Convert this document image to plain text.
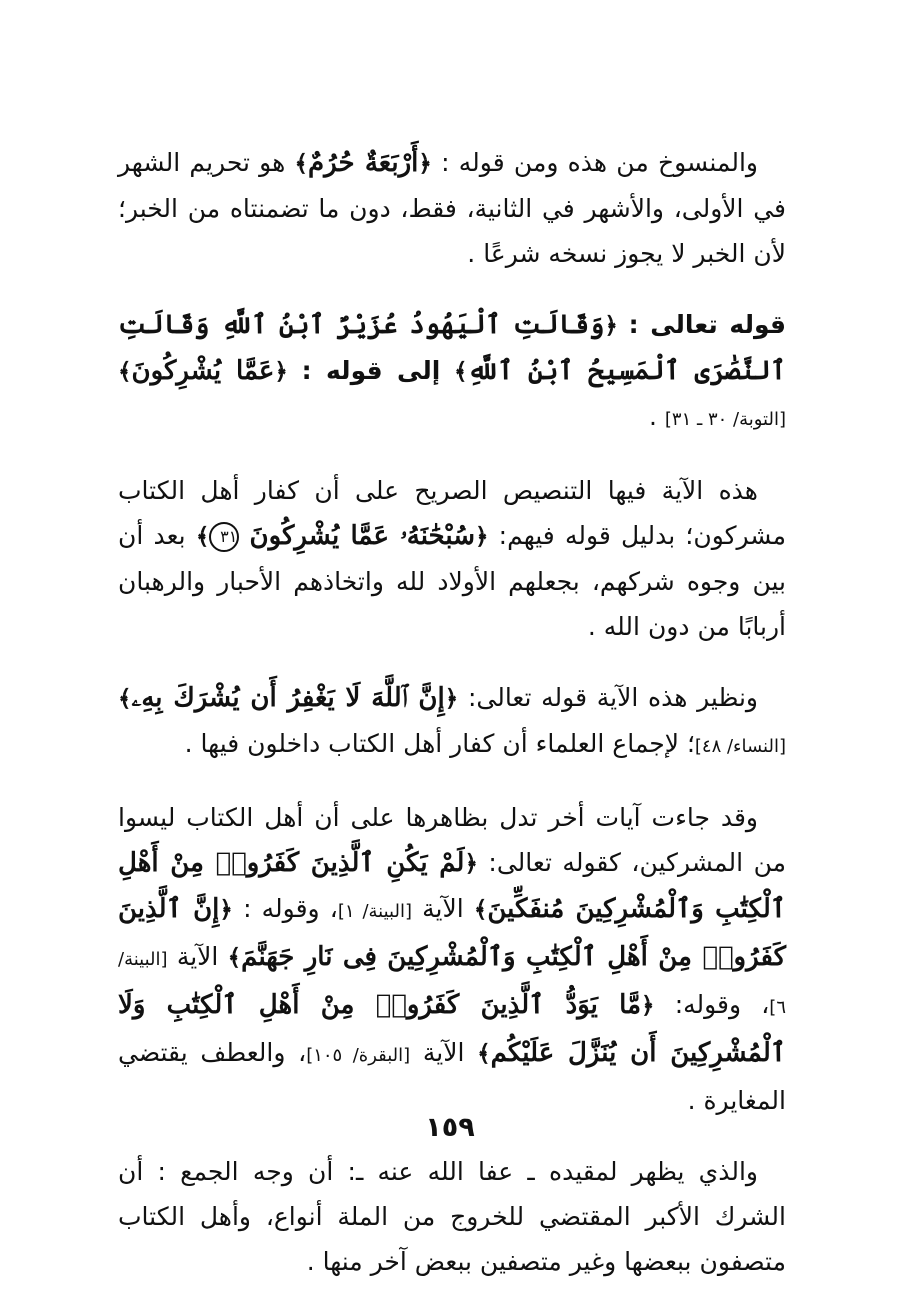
والمنسوخ من هذه ومن قوله : ﴿أَرْبَعَةٌ حُرُمٌ﴾ هو تحريم الشهر في الأولى، والأشهر في الثانية، فقط، دون ما تضمنتاه من الخبر؛ لأن الخبر لا يجوز نسخه شرعًا .

قوله تعالى : ﴿وَقَالَتِ ٱلْيَهُودُ عُزَيْرٌ ٱبْنُ ٱللَّهِ وَقَالَتِ ٱلنَّصَٰرَى ٱلْمَسِيحُ ٱبْنُ ٱللَّهِ﴾ إلى قوله : ﴿عَمَّا يُشْرِكُونَ﴾ [التوبة/ ٣٠ ـ ٣١] .

هذه الآية فيها التنصيص الصريح على أن كفار أهل الكتاب مشركون؛ بدليل قوله فيهم: ﴿سُبْحَٰنَهُۥ عَمَّا يُشْرِكُونَ ٣١﴾ بعد أن بين وجوه شركهم، بجعلهم الأولاد لله واتخاذهم الأحبار والرهبان أربابًا من دون الله .

ونظير هذه الآية قوله تعالى: ﴿إِنَّ ٱللَّهَ لَا يَغْفِرُ أَن يُشْرَكَ بِهِۦ﴾ [النساء/ ٤٨]؛ لإجماع العلماء أن كفار أهل الكتاب داخلون فيها .

وقد جاءت آيات أخر تدل بظاهرها على أن أهل الكتاب ليسوا من المشركين، كقوله تعالى: ﴿لَمْ يَكُنِ ٱلَّذِينَ كَفَرُوا۟ مِنْ أَهْلِ ٱلْكِتَٰبِ وَٱلْمُشْرِكِينَ مُنفَكِّينَ﴾ الآية [البينة/ ١]، وقوله : ﴿إِنَّ ٱلَّذِينَ كَفَرُوا۟ مِنْ أَهْلِ ٱلْكِتَٰبِ وَٱلْمُشْرِكِينَ فِى نَارِ جَهَنَّمَ﴾ الآية [البينة/ ٦]، وقوله: ﴿مَّا يَوَدُّ ٱلَّذِينَ كَفَرُوا۟ مِنْ أَهْلِ ٱلْكِتَٰبِ وَلَا ٱلْمُشْرِكِينَ أَن يُنَزَّلَ عَلَيْكُم﴾ الآية [البقرة/ ١٠٥]، والعطف يقتضي المغايرة .

والذي يظهر لمقيده ـ عفا الله عنه ـ: أن وجه الجمع : أن الشرك الأكبر المقتضي للخروج من الملة أنواع، وأهل الكتاب متصفون ببعضها وغير متصفين ببعض آخر منها .

١٥٩
